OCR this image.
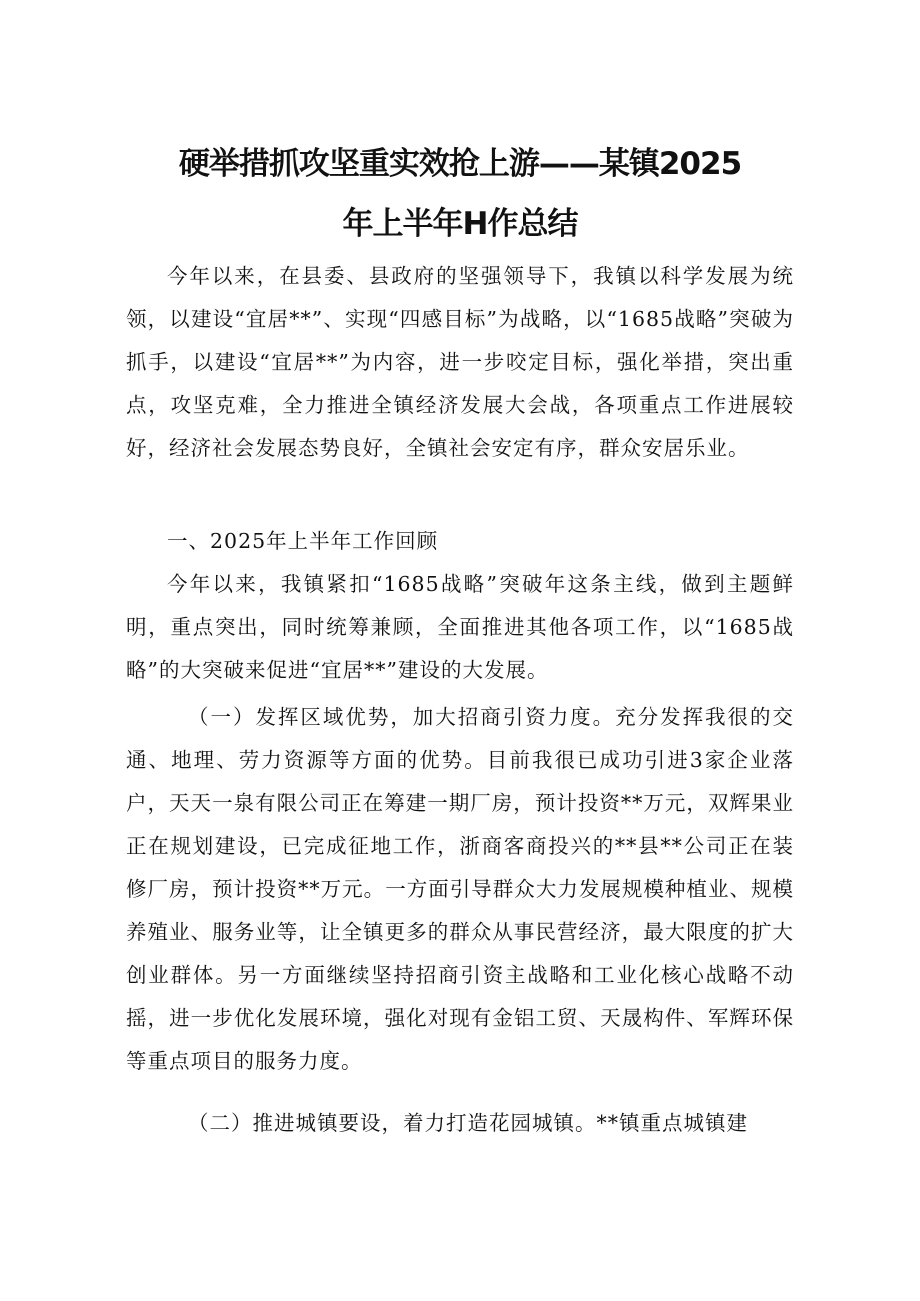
硬举措抓攻坚重实效抢上游——某镇2025
年上半年H作总结
今年以来，在县委、县政府的坚强领导下，我镇以科学发展为统领，以建设“宜居**”、实现“四感目标”为战略，以“1685战略”突破为抓手，以建设“宜居**”为内容，进一步咬定目标，强化举措，突出重点，攻坚克难，全力推进全镇经济发展大会战，各项重点工作进展较好，经济社会发展态势良好，全镇社会安定有序，群众安居乐业。
一、2025年上半年工作回顾
今年以来，我镇紧扣“1685战略”突破年这条主线，做到主题鲜明，重点突出，同时统筹兼顾，全面推进其他各项工作，以“1685战略”的大突破来促进“宜居**”建设的大发展。
（一）发挥区域优势，加大招商引资力度。充分发挥我很的交通、地理、劳力资源等方面的优势。目前我很已成功引进3家企业落户，天天一泉有限公司正在筹建一期厂房，预计投资**万元，双辉果业正在规划建设，已完成征地工作，浙商客商投兴的**县**公司正在装修厂房，预计投资**万元。一方面引导群众大力发展规模种植业、规模养殖业、服务业等，让全镇更多的群众从事民营经济，最大限度的扩大创业群体。另一方面继续坚持招商引资主战略和工业化核心战略不动摇，进一步优化发展环境，强化对现有金铝工贸、天晟构件、军辉环保等重点项目的服务力度。
（二）推进城镇要设，着力打造花园城镇。**镇重点城镇建
